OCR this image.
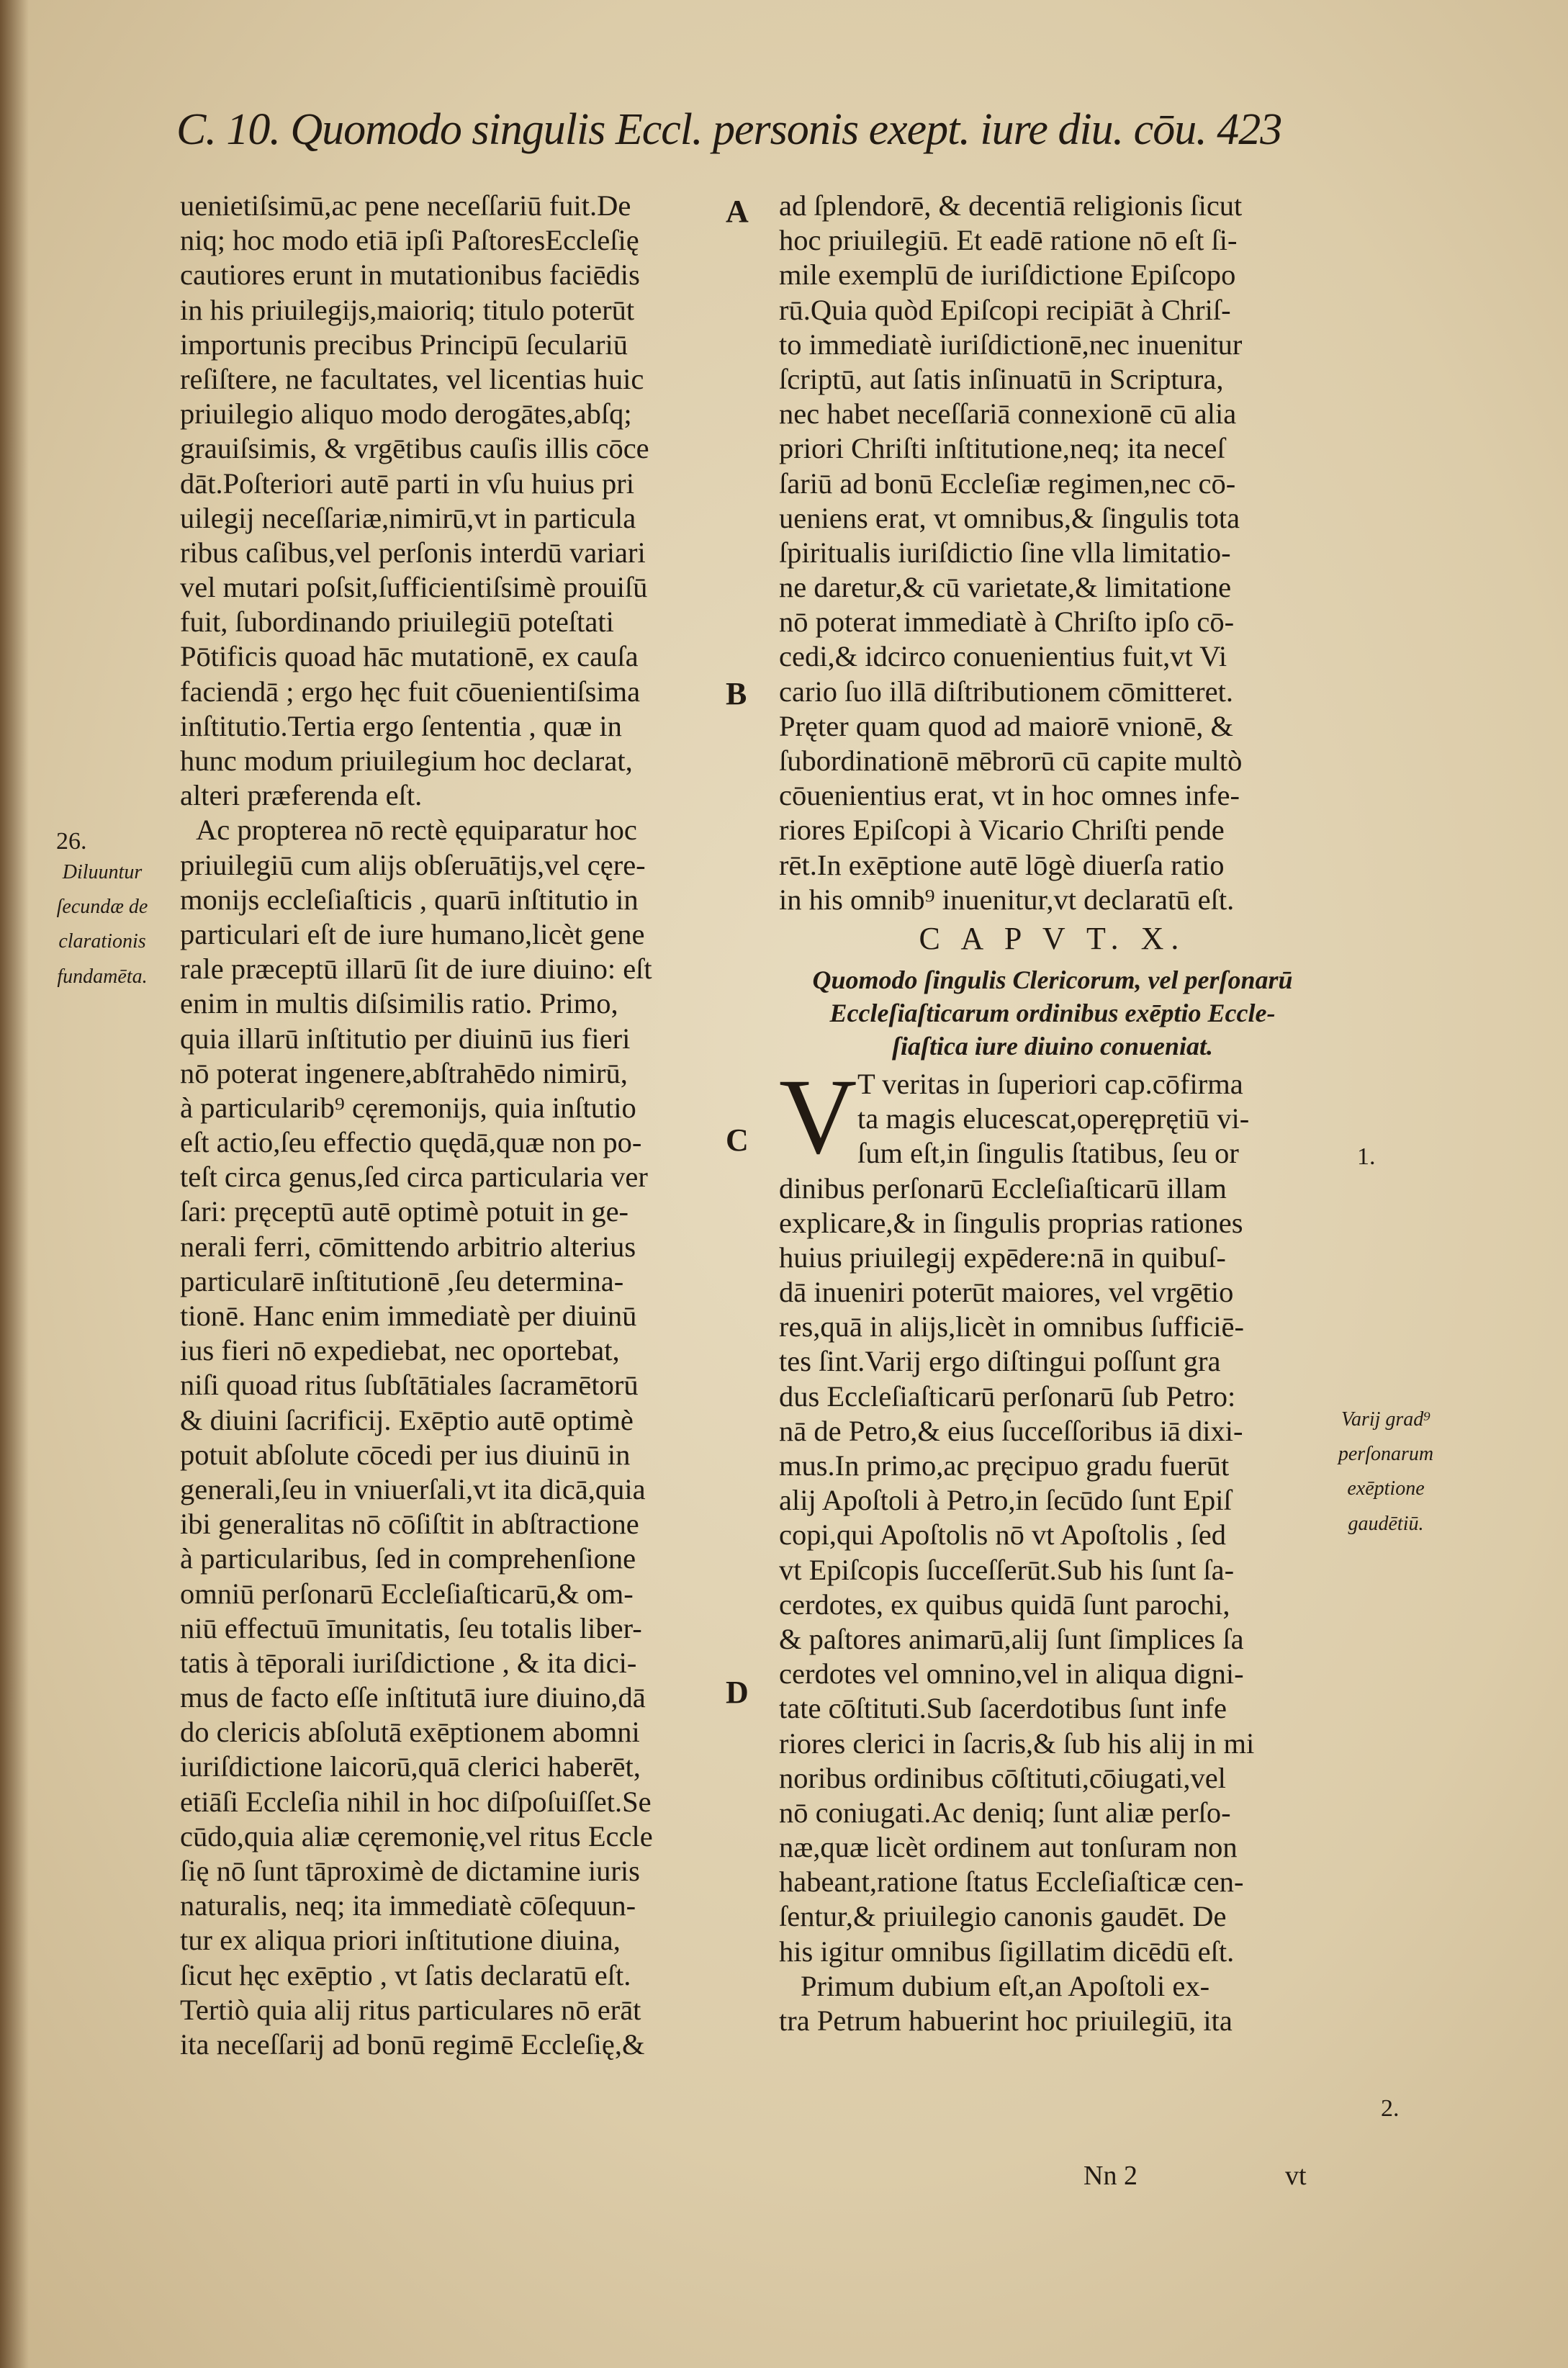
C. 10. Quomodo singulis Eccl. personis exept. iure diu. cōu. 423
uenietiſsimū,ac pene neceſſariū fuit.De
niq; hoc modo etiā ipſi PaſtoresEccleſię
cautiores erunt in mutationibus faciēdis
in his priuilegijs,maioriq; titulo poterūt
importunis precibus Principū ſeculariū
reſiſtere, ne facultates, vel licentias huic
priuilegio aliquo modo derogātes,abſq;
grauiſsimis, & vrgētibus cauſis illis cōce
dāt.Poſteriori autē parti in vſu huius pri
uilegij neceſſariæ,nimirū,vt in particula
ribus caſibus,vel perſonis interdū variari
vel mutari poſsit,ſufficientiſsimè prouiſū
fuit, ſubordinando priuilegiū poteſtati
Pōtificis quoad hāc mutationē, ex cauſa
faciendā ; ergo hęc fuit cōuenientiſsima
inſtitutio.Tertia ergo ſententia , quæ in
hunc modum priuilegium hoc declarat,
alteri præferenda eſt.
Ac propterea nō rectè ęquiparatur hoc
priuilegiū cum alijs obſeruātijs,vel cęre-
monijs eccleſiaſticis , quarū inſtitutio in
particulari eſt de iure humano,licèt gene
rale præceptū illarū ſit de iure diuino: eſt
enim in multis diſsimilis ratio. Primo,
quia illarū inſtitutio per diuinū ius fieri
nō poterat ingenere,abſtrahēdo nimirū,
à particularib⁹ cęremonijs, quia inſtutio
eſt actio,ſeu effectio quędā,quæ non po-
teſt circa genus,ſed circa particularia ver
ſari: pręceptū autē optimè potuit in ge-
nerali ferri, cōmittendo arbitrio alterius
particularē inſtitutionē ,ſeu determina-
tionē. Hanc enim immediatè per diuinū
ius fieri nō expediebat, nec oportebat,
niſi quoad ritus ſubſtātiales ſacramētorū
& diuini ſacrificij. Exēptio autē optimè
potuit abſolute cōcedi per ius diuinū in
generali,ſeu in vniuerſali,vt ita dicā,quia
ibi generalitas nō cōſiſtit in abſtractione
à particularibus, ſed in comprehenſione
omniū perſonarū Eccleſiaſticarū,& om-
niū effectuū īmunitatis, ſeu totalis liber-
tatis à tēporali iuriſdictione , & ita dici-
mus de facto eſſe inſtitutā iure diuino,dā
do clericis abſolutā exēptionem abomni
iuriſdictione laicorū,quā clerici haberēt,
etiāſi Eccleſia nihil in hoc diſpoſuiſſet.Se
cūdo,quia aliæ cęremonię,vel ritus Eccle
ſię nō ſunt tāproximè de dictamine iuris
naturalis, neq; ita immediatè cōſequun-
tur ex aliqua priori inſtitutione diuina,
ſicut hęc exēptio , vt ſatis declaratū eſt.
Tertiò quia alij ritus particulares nō erāt
ita neceſſarij ad bonū regimē Eccleſię,&
ad ſplendorē, & decentiā religionis ſicut
hoc priuilegiū. Et eadē ratione nō eſt ſi-
mile exemplū de iuriſdictione Epiſcopo
rū.Quia quòd Epiſcopi recipiāt à Chriſ-
to immediatè iuriſdictionē,nec inuenitur
ſcriptū, aut ſatis inſinuatū in Scriptura,
nec habet neceſſariā connexionē cū alia
priori Chriſti inſtitutione,neq; ita neceſ
ſariū ad bonū Eccleſiæ regimen,nec cō-
ueniens erat, vt omnibus,& ſingulis tota
ſpiritualis iuriſdictio ſine vlla limitatio-
ne daretur,& cū varietate,& limitatione
nō poterat immediatè à Chriſto ipſo cō-
cedi,& idcirco conuenientius fuit,vt Vi
cario ſuo illā diſtributionem cōmitteret.
Pręter quam quod ad maiorē vnionē, &
ſubordinationē mēbrorū cū capite multò
cōuenientius erat, vt in hoc omnes infe-
riores Epiſcopi à Vicario Chriſti pende
rēt.In exēptione autē lōgè diuerſa ratio
in his omnib⁹ inuenitur,vt declaratū eſt.
C A P V T. X.
Quomodo ſingulis Clericorum, vel perſonarū
Eccleſiaſticarum ordinibus exēptio Eccle-
ſiaſtica iure diuino conueniat.
V T veritas in ſuperiori cap.cōfirma
ta magis elucescat,operęprętiū vi-
ſum eſt,in ſingulis ſtatibus, ſeu or
dinibus perſonarū Eccleſiaſticarū illam
explicare,& in ſingulis proprias rationes
huius priuilegij expēdere:nā in quibuſ-
dā inueniri poterūt maiores, vel vrgētio
res,quā in alijs,licèt in omnibus ſufficiē-
tes ſint.Varij ergo diſtingui poſſunt gra
dus Eccleſiaſticarū perſonarū ſub Petro:
nā de Petro,& eius ſucceſſoribus iā dixi-
mus.In primo,ac pręcipuo gradu fuerūt
alij Apoſtoli à Petro,in ſecūdo ſunt Epiſ
copi,qui Apoſtolis nō vt Apoſtolis , ſed
vt Epiſcopis ſucceſſerūt.Sub his ſunt ſa-
cerdotes, ex quibus quidā ſunt parochi,
& paſtores animarū,alij ſunt ſimplices ſa
cerdotes vel omnino,vel in aliqua digni-
tate cōſtituti.Sub ſacerdotibus ſunt infe
riores clerici in ſacris,& ſub his alij in mi
noribus ordinibus cōſtituti,cōiugati,vel
nō coniugati.Ac deniq; ſunt aliæ perſo-
næ,quæ licèt ordinem aut tonſuram non
habeant,ratione ſtatus Eccleſiaſticæ cen-
ſentur,& priuilegio canonis gaudēt. De
his igitur omnibus ſigillatim dicēdū eſt.
Primum dubium eſt,an Apoſtoli ex-
tra Petrum habuerint hoc priuilegiū, ita
A
B
C
D
26.
Diluuntur
ſecundæ de
clarationis
fundamēta.
1.
Varij grad⁹
perſonarum
exēptione
gaudētiū.
2.
Nn 2	vt
